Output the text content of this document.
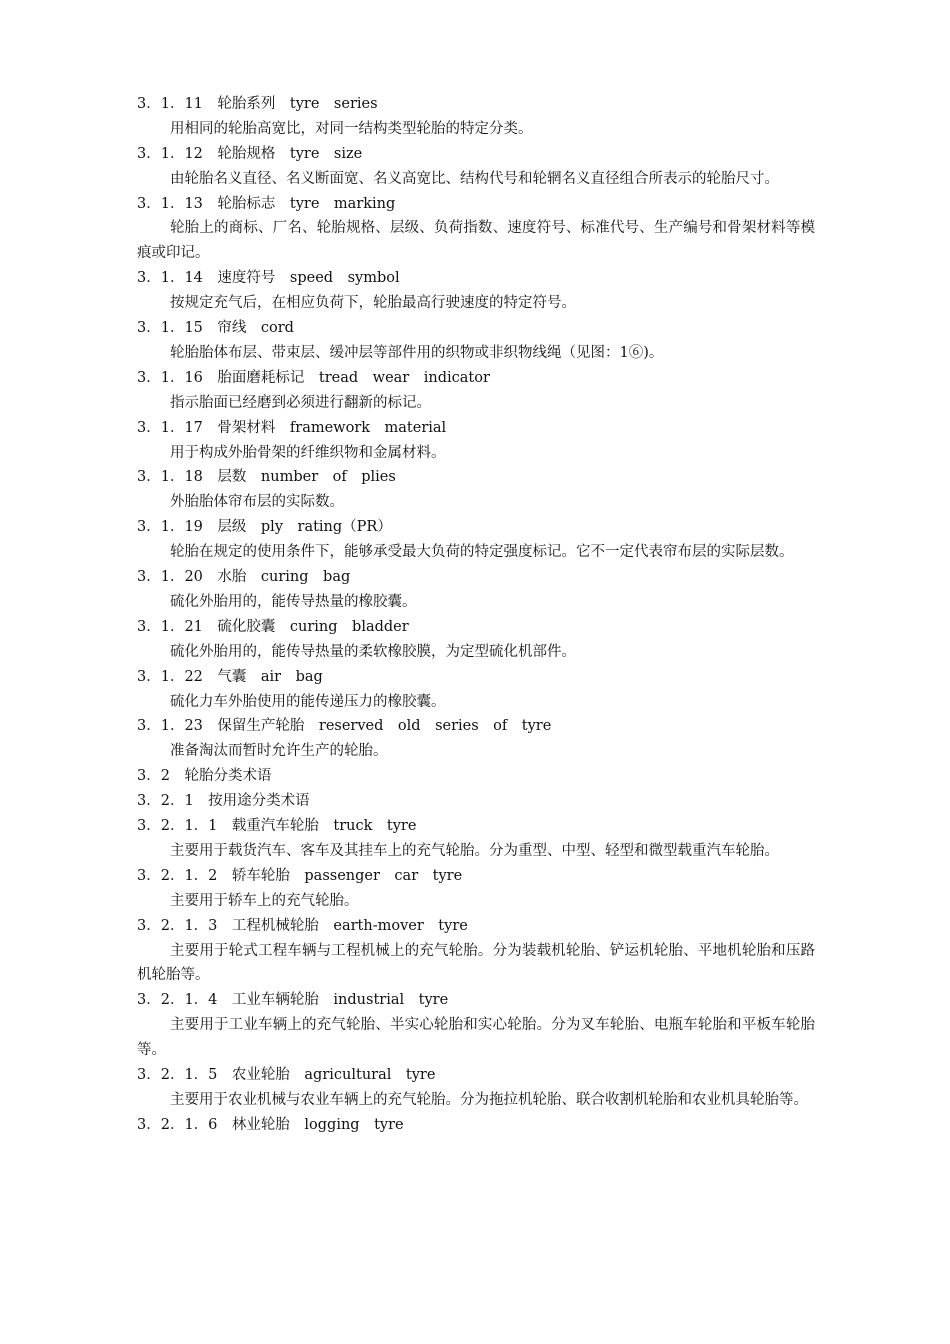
3．1．11　轮胎系列　tyre　series
用相同的轮胎高宽比，对同一结构类型轮胎的特定分类。
3．1．12　轮胎规格　tyre　size
由轮胎名义直径、名义断面宽、名义高宽比、结构代号和轮辋名义直径组合所表示的轮胎尺寸。
3．1．13　轮胎标志　tyre　marking
轮胎上的商标、厂名、轮胎规格、层级、负荷指数、速度符号、标准代号、生产编号和骨架材料等模痕或印记。
3．1．14　速度符号　speed　symbol
按规定充气后，在相应负荷下，轮胎最高行驶速度的特定符号。
3．1．15　帘线　cord
轮胎胎体布层、带束层、缓冲层等部件用的织物或非织物线绳（见图：1⑥)。
3．1．16　胎面磨耗标记　tread　wear　indicator
指示胎面已经磨到必须进行翻新的标记。
3．1．17　骨架材料　framework　material
用于构成外胎骨架的纤维织物和金属材料。
3．1．18　层数　number　of　plies
外胎胎体帘布层的实际数。
3．1．19　层级　ply　rating（PR）
轮胎在规定的使用条件下，能够承受最大负荷的特定强度标记。它不一定代表帘布层的实际层数。
3．1．20　水胎　curing　bag
硫化外胎用的，能传导热量的橡胶囊。
3．1．21　硫化胶囊　curing　bladder
硫化外胎用的，能传导热量的柔软橡胶膜，为定型硫化机部件。
3．1．22　气囊　air　bag
硫化力车外胎使用的能传递压力的橡胶囊。
3．1．23　保留生产轮胎　reserved　old　series　of　tyre
准备淘汰而暂时允许生产的轮胎。
3．2　轮胎分类术语
3．2．1　按用途分类术语
3．2．1．1　载重汽车轮胎　truck　tyre
主要用于载货汽车、客车及其挂车上的充气轮胎。分为重型、中型、轻型和微型载重汽车轮胎。
3．2．1．2　轿车轮胎　passenger　car　tyre
主要用于轿车上的充气轮胎。
3．2．1．3　工程机械轮胎　earth-mover　tyre
主要用于轮式工程车辆与工程机械上的充气轮胎。分为装载机轮胎、铲运机轮胎、平地机轮胎和压路机轮胎等。
3．2．1．4　工业车辆轮胎　industrial　tyre
主要用于工业车辆上的充气轮胎、半实心轮胎和实心轮胎。分为叉车轮胎、电瓶车轮胎和平板车轮胎等。
3．2．1．5　农业轮胎　agricultural　tyre
主要用于农业机械与农业车辆上的充气轮胎。分为拖拉机轮胎、联合收割机轮胎和农业机具轮胎等。
3．2．1．6　林业轮胎　logging　tyre
